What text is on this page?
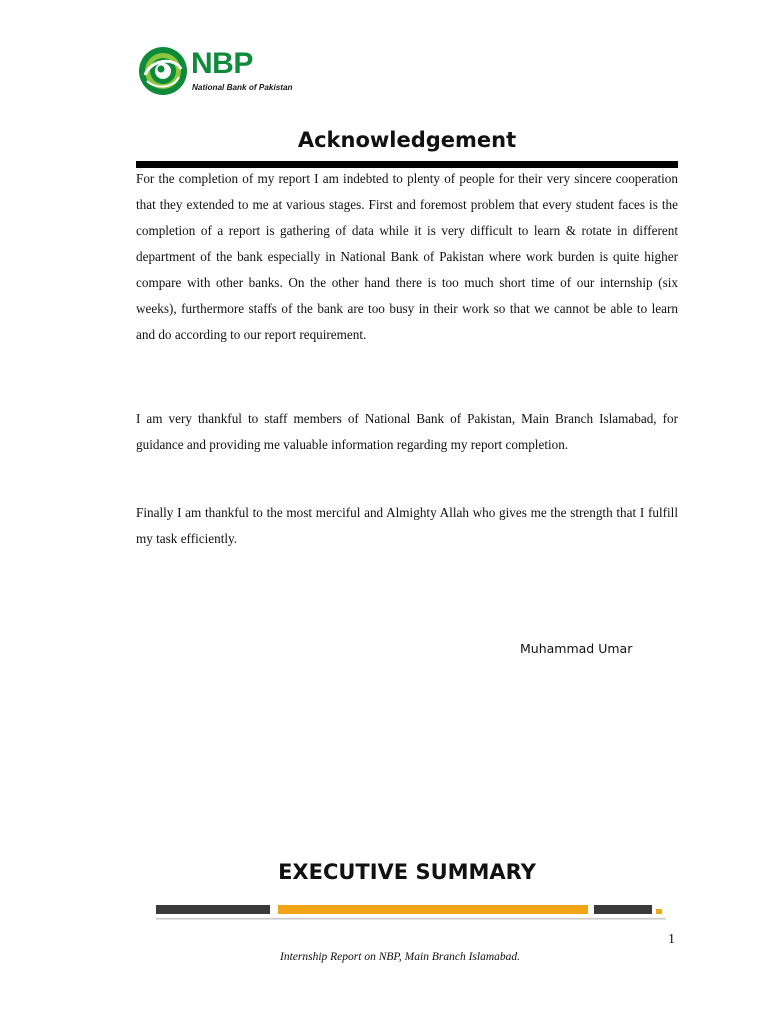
NBP
National Bank of Pakistan
Acknowledgement

For the completion of my report I am indebted to plenty of people for their very sincere cooperation that they extended to me at various stages. First and foremost problem that every student faces is the completion of a report is gathering of data while it is very difficult to learn & rotate in different department of the bank especially in National Bank of Pakistan where work burden is quite higher compare with other banks. On the other hand there is too much short time of our internship (six weeks), furthermore staffs of the bank are too busy in their work so that we cannot be able to learn and do according to our report requirement.

I am very thankful to staff members of National Bank of Pakistan, Main Branch Islamabad, for guidance and providing me valuable information regarding my report completion.

Finally I am thankful to the most merciful and Almighty Allah who gives me the strength that I fulfill my task efficiently.

Muhammad Umar
EXECUTIVE SUMMARY
1
Internship Report on NBP, Main Branch Islamabad.
